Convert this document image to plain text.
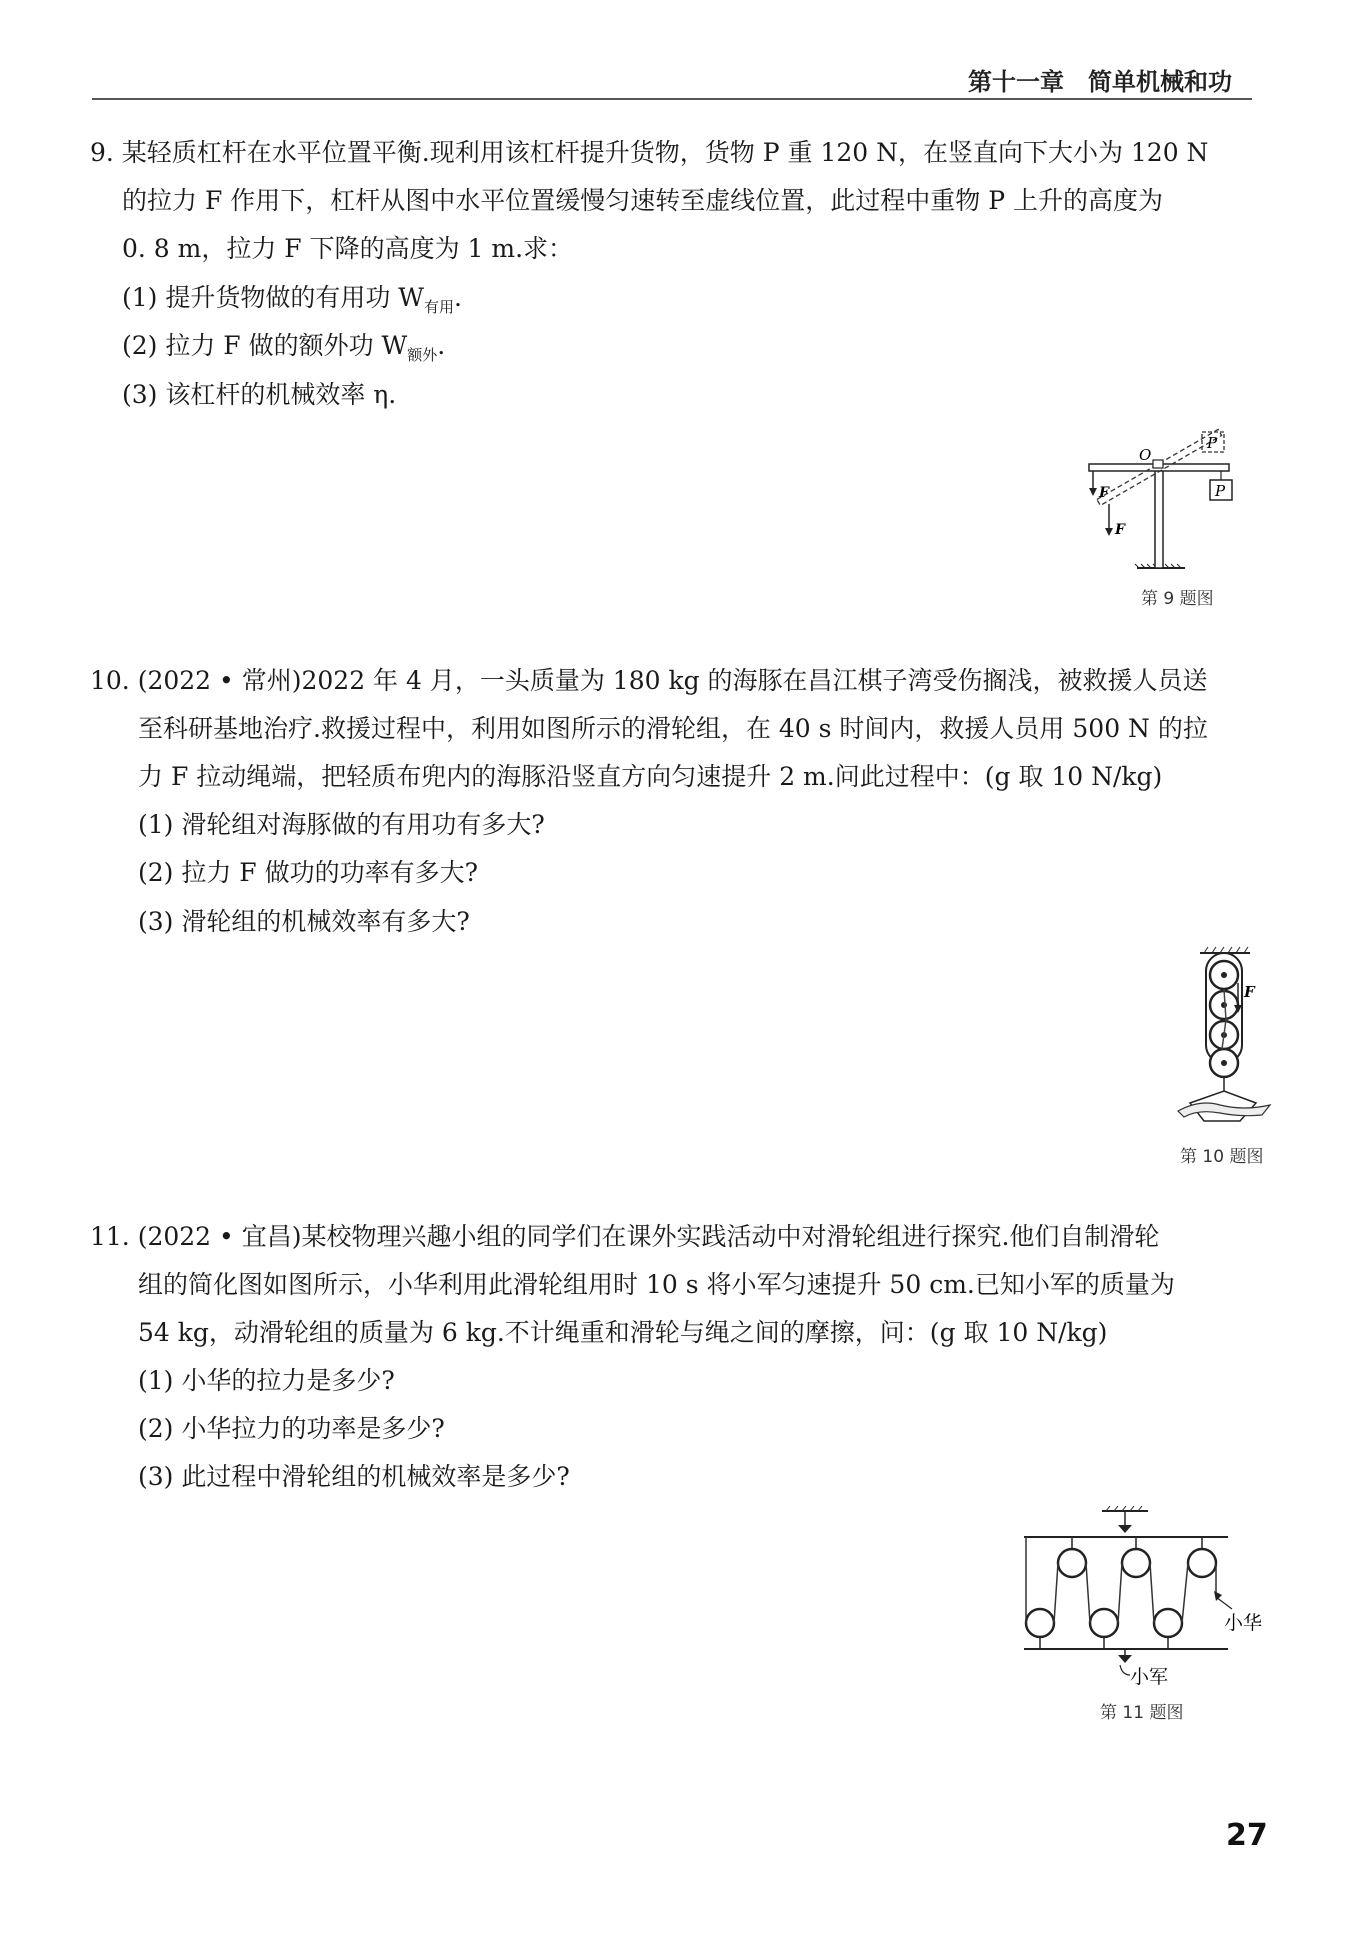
第十一章　简单机械和功
9. 某轻质杠杆在水平位置平衡.现利用该杠杆提升货物，货物 P 重 120 N，在竖直向下大小为 120 N
的拉力 F 作用下，杠杆从图中水平位置缓慢匀速转至虚线位置，此过程中重物 P 上升的高度为
0. 8 m，拉力 F 下降的高度为 1 m.求：
(1) 提升货物做的有用功 $W_{有用}$.
(2) 拉力 F 做的额外功 $W_{额外}$.
(3) 该杠杆的机械效率 η.
O
P
P
F
F
第 9 题图
10. (2022 • 常州)2022 年 4 月，一头质量为 180 kg 的海豚在昌江棋子湾受伤搁浅，被救援人员送
至科研基地治疗.救援过程中，利用如图所示的滑轮组，在 40 s 时间内，救援人员用 500 N 的拉
力 F 拉动绳端，把轻质布兜内的海豚沿竖直方向匀速提升 2 m.问此过程中：(g 取 10 N/kg)
(1) 滑轮组对海豚做的有用功有多大?
(2) 拉力 F 做功的功率有多大?
(3) 滑轮组的机械效率有多大?
F
第 10 题图
11. (2022 • 宜昌)某校物理兴趣小组的同学们在课外实践活动中对滑轮组进行探究.他们自制滑轮
组的简化图如图所示，小华利用此滑轮组用时 10 s 将小军匀速提升 50 cm.已知小军的质量为
54 kg，动滑轮组的质量为 6 kg.不计绳重和滑轮与绳之间的摩擦，问：(g 取 10 N/kg)
(1) 小华的拉力是多少?
(2) 小华拉力的功率是多少?
(3) 此过程中滑轮组的机械效率是多少?
小华
小军
第 11 题图
27
